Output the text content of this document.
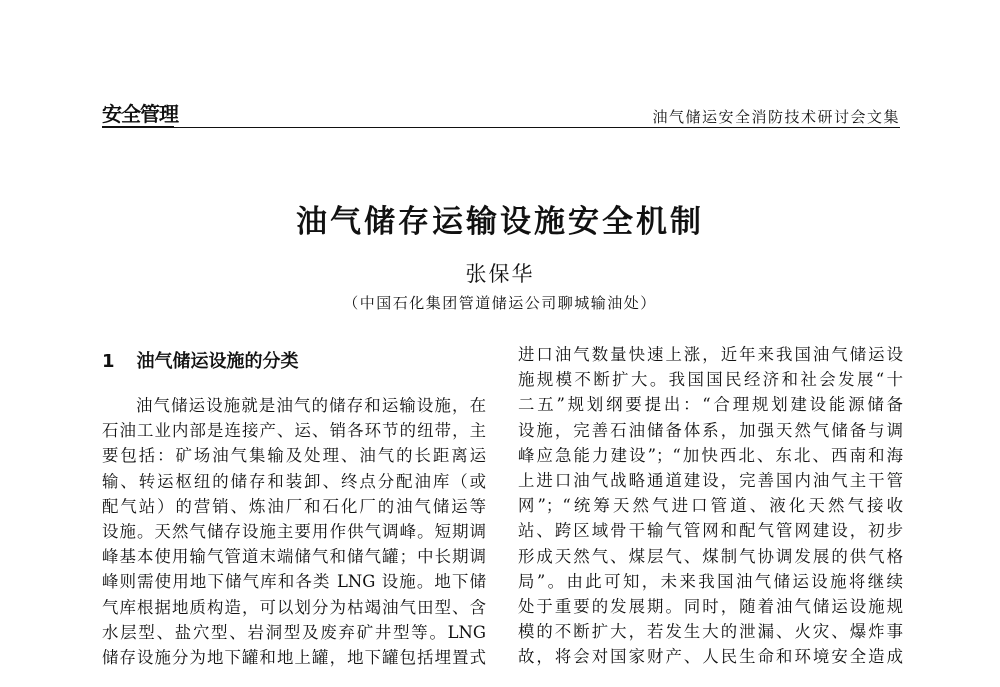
安全管理	油气储运安全消防技术研讨会文集
油气储存运输设施安全机制
张保华
（中国石化集团管道储运公司聊城输油处）
1 油气储运设施的分类
油气储运设施就是油气的储存和运输设施，在
石油工业内部是连接产、运、销各环节的纽带，主
要包括：矿场油气集输及处理、油气的长距离运
输、转运枢纽的储存和装卸、终点分配油库（或
配气站）的营销、炼油厂和石化厂的油气储运等
设施。天然气储存设施主要用作供气调峰。短期调
峰基本使用输气管道末端储气和储气罐；中长期调
峰则需使用地下储气库和各类 LNG 设施。地下储
气库根据地质构造，可以划分为枯竭油气田型、含
水层型、盐穴型、岩洞型及废弃矿井型等。LNG
储存设施分为地下罐和地上罐，地下罐包括埋置式
进口油气数量快速上涨，近年来我国油气储运设
施规模不断扩大。我国国民经济和社会发展“十
二五”规划纲要提出：“合理规划建设能源储备
设施，完善石油储备体系，加强天然气储备与调
峰应急能力建设”；“加快西北、东北、西南和海
上进口油气战略通道建设，完善国内油气主干管
网”；“统筹天然气进口管道、液化天然气接收
站、跨区域骨干输气管网和配气管网建设，初步
形成天然气、煤层气、煤制气协调发展的供气格
局”。由此可知，未来我国油气储运设施将继续
处于重要的发展期。同时，随着油气储运设施规
模的不断扩大，若发生大的泄漏、火灾、爆炸事
故，将会对国家财产、人民生命和环境安全造成
